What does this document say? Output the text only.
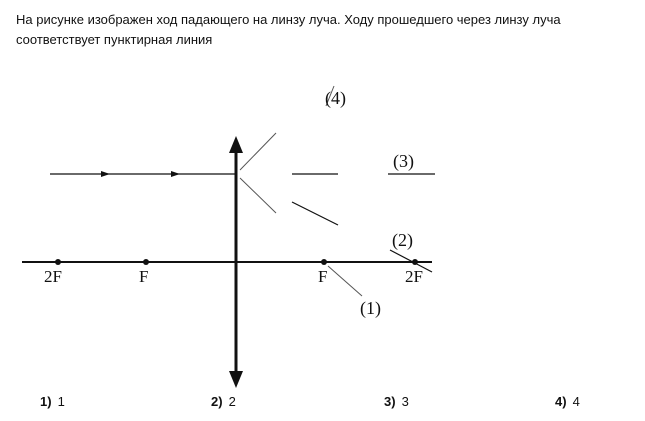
На рисунке изображен ход падающего на линзу луча. Ходу прошедшего через линзу луча
соответствует пунктирная линия
2F	F	F	2F
(4)
(3)
(2)
(1)
1) 1	2) 2	3) 3	4) 4
